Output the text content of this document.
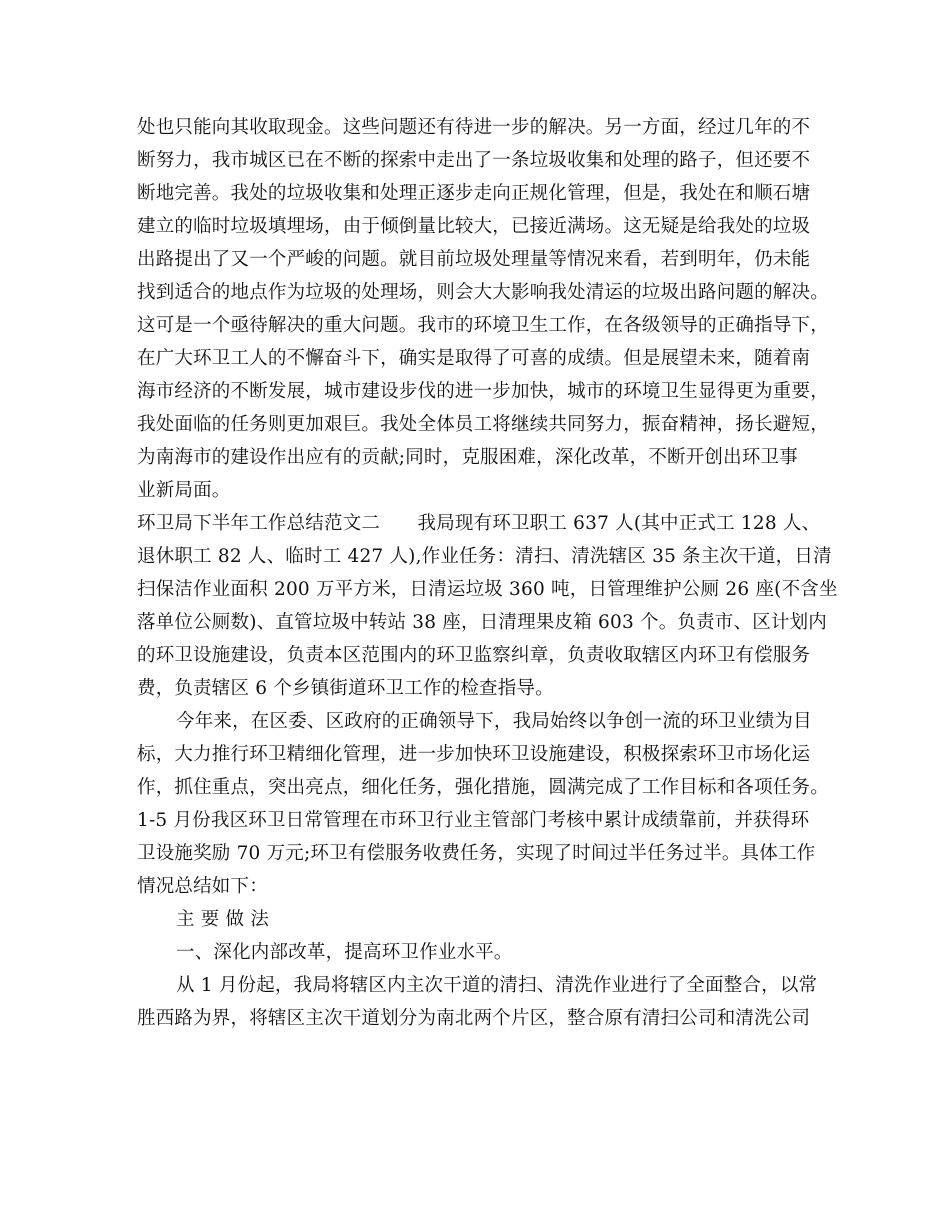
处也只能向其收取现金。这些问题还有待进一步的解决。另一方面，经过几年的不
断努力，我市城区已在不断的探索中走出了一条垃圾收集和处理的路子，但还要不
断地完善。我处的垃圾收集和处理正逐步走向正规化管理，但是，我处在和顺石塘
建立的临时垃圾填埋场，由于倾倒量比较大，已接近满场。这无疑是给我处的垃圾
出路提出了又一个严峻的问题。就目前垃圾处理量等情况来看，若到明年，仍未能
找到适合的地点作为垃圾的处理场，则会大大影响我处清运的垃圾出路问题的解决。
这可是一个亟待解决的重大问题。我市的环境卫生工作，在各级领导的正确指导下，
在广大环卫工人的不懈奋斗下，确实是取得了可喜的成绩。但是展望未来，随着南
海市经济的不断发展，城市建设步伐的进一步加快，城市的环境卫生显得更为重要，
我处面临的任务则更加艰巨。我处全体员工将继续共同努力，振奋精神，扬长避短，
为南海市的建设作出应有的贡献;同时，克服困难，深化改革，不断开创出环卫事
业新局面。
环卫局下半年工作总结范文二　　我局现有环卫职工 637 人(其中正式工 128 人、
退休职工 82 人、临时工 427 人),作业任务：清扫、清洗辖区 35 条主次干道，日清
扫保洁作业面积 200 万平方米，日清运垃圾 360 吨，日管理维护公厕 26 座(不含坐
落单位公厕数)、直管垃圾中转站 38 座，日清理果皮箱 603 个。负责市、区计划内
的环卫设施建设，负责本区范围内的环卫监察纠章，负责收取辖区内环卫有偿服务
费，负责辖区 6 个乡镇街道环卫工作的检查指导。
今年来，在区委、区政府的正确领导下，我局始终以争创一流的环卫业绩为目
标，大力推行环卫精细化管理，进一步加快环卫设施建设，积极探索环卫市场化运
作，抓住重点，突出亮点，细化任务，强化措施，圆满完成了工作目标和各项任务。
1-5 月份我区环卫日常管理在市环卫行业主管部门考核中累计成绩靠前，并获得环
卫设施奖励 70 万元;环卫有偿服务收费任务，实现了时间过半任务过半。具体工作
情况总结如下：
主 要 做 法
一、深化内部改革，提高环卫作业水平。
从 1 月份起，我局将辖区内主次干道的清扫、清洗作业进行了全面整合，以常
胜西路为界，将辖区主次干道划分为南北两个片区，整合原有清扫公司和清洗公司
